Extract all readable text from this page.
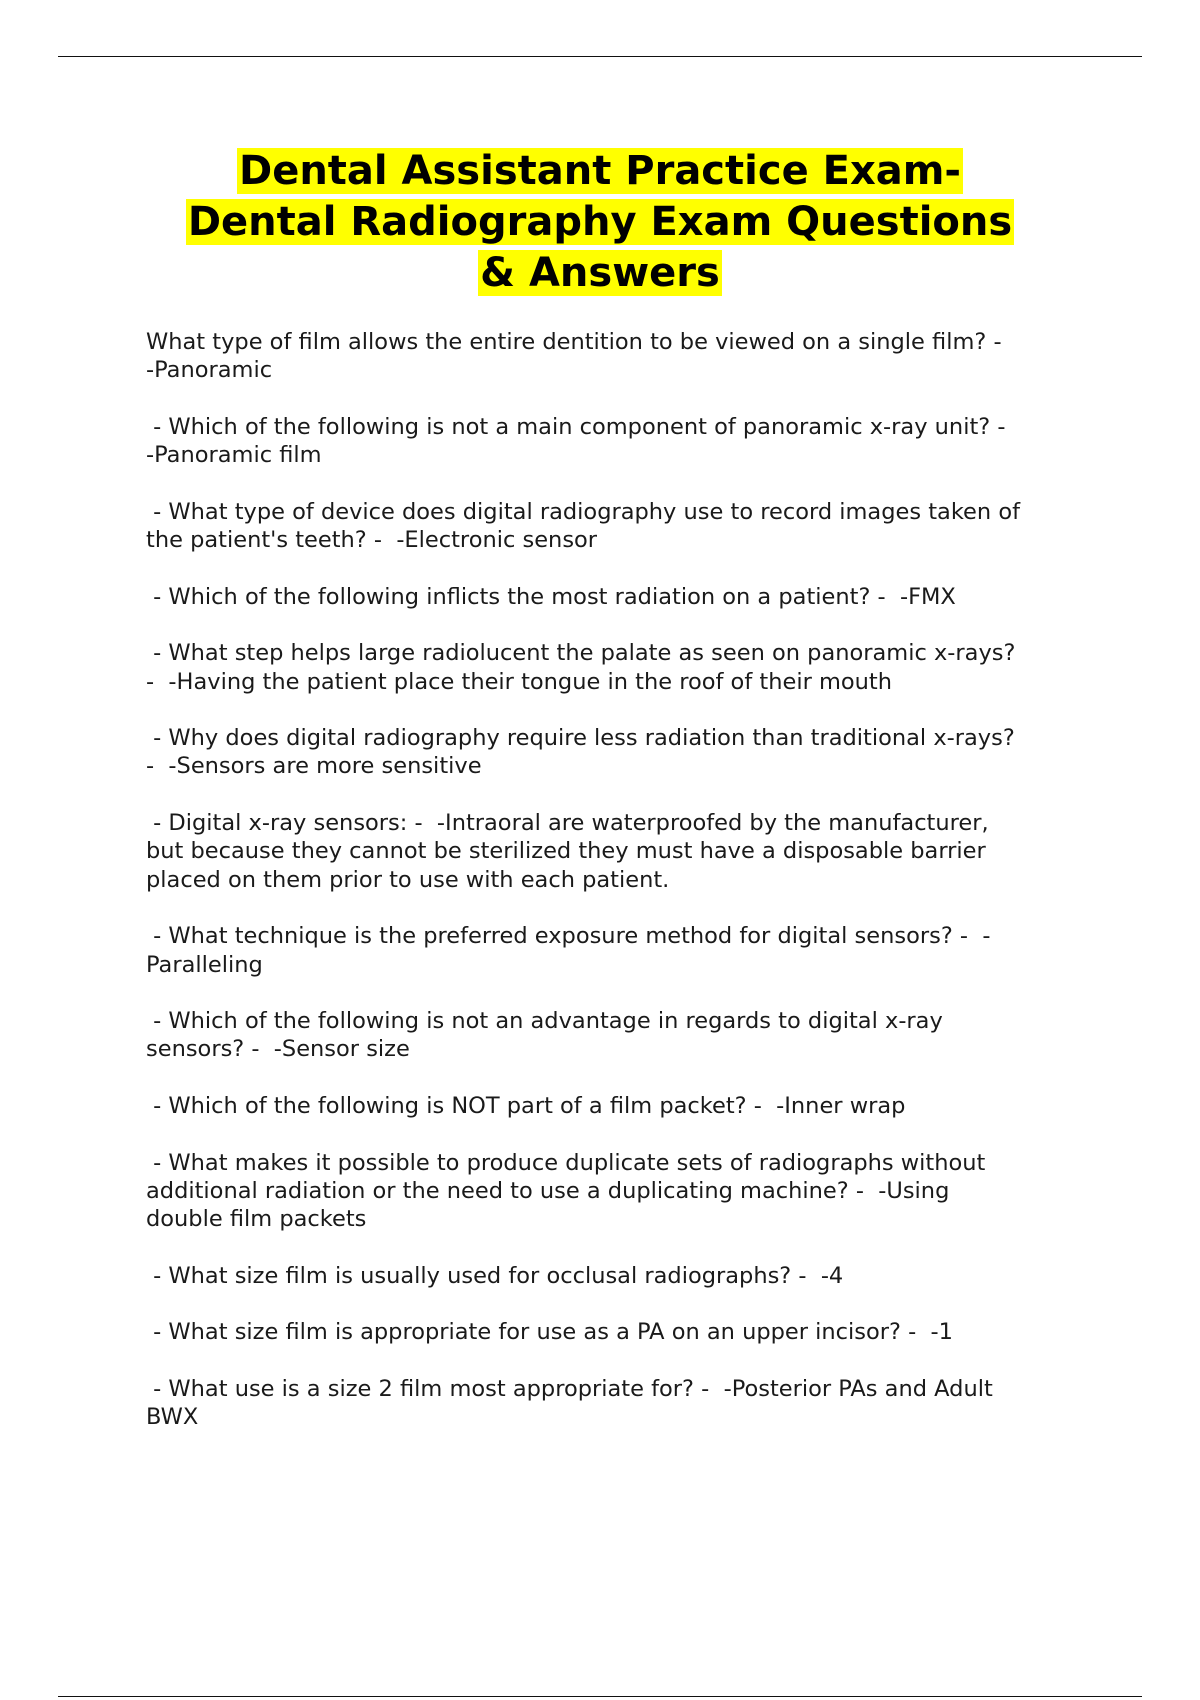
Dental Assistant Practice Exam-
Dental Radiography Exam Questions
& Answers
What type of film allows the entire dentition to be viewed on a single film? -
-Panoramic
- Which of the following is not a main component of panoramic x-ray unit? -
-Panoramic film
- What type of device does digital radiography use to record images taken of
the patient's teeth? -  -Electronic sensor
- Which of the following inflicts the most radiation on a patient? -  -FMX
- What step helps large radiolucent the palate as seen on panoramic x-rays?
-  -Having the patient place their tongue in the roof of their mouth
- Why does digital radiography require less radiation than traditional x-rays?
-  -Sensors are more sensitive
- Digital x-ray sensors: -  -Intraoral are waterproofed by the manufacturer,
but because they cannot be sterilized they must have a disposable barrier
placed on them prior to use with each patient.
- What technique is the preferred exposure method for digital sensors? -  -
Paralleling
- Which of the following is not an advantage in regards to digital x-ray
sensors? -  -Sensor size
- Which of the following is NOT part of a film packet? -  -Inner wrap
- What makes it possible to produce duplicate sets of radiographs without
additional radiation or the need to use a duplicating machine? -  -Using
double film packets
- What size film is usually used for occlusal radiographs? -  -4
- What size film is appropriate for use as a PA on an upper incisor? -  -1
- What use is a size 2 film most appropriate for? -  -Posterior PAs and Adult
BWX
